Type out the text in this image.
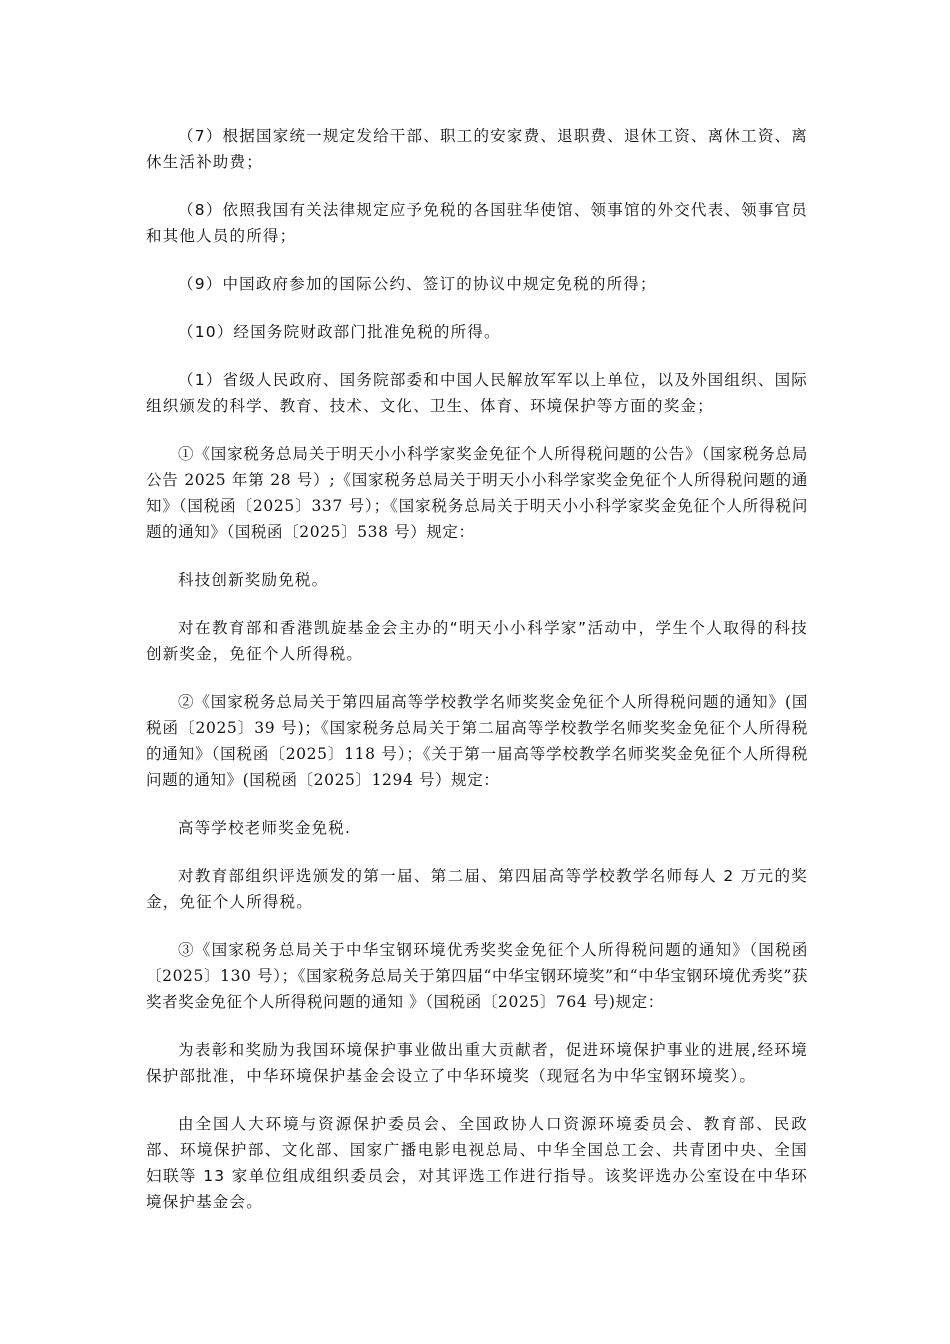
（7）根据国家统一规定发给干部、职工的安家费、退职费、退休工资、离休工资、离休生活补助费；

（8）依照我国有关法律规定应予免税的各国驻华使馆、领事馆的外交代表、领事官员和其他人员的所得；

（9）中国政府参加的国际公约、签订的协议中规定免税的所得；

（10）经国务院财政部门批准免税的所得。

（1）省级人民政府、国务院部委和中国人民解放军军以上单位，以及外国组织、国际组织颁发的科学、教育、技术、文化、卫生、体育、环境保护等方面的奖金；

①《国家税务总局关于明天小小科学家奖金免征个人所得税问题的公告》（国家税务总局公告 2025 年第 28 号）;《国家税务总局关于明天小小科学家奖金免征个人所得税问题的通知》（国税函〔2025〕337 号）；《国家税务总局关于明天小小科学家奖金免征个人所得税问题的通知》（国税函〔2025〕538 号）规定：

科技创新奖励免税。

对在教育部和香港凯旋基金会主办的“明天小小科学家”活动中，学生个人取得的科技创新奖金，免征个人所得税。

②《国家税务总局关于第四届高等学校教学名师奖奖金免征个人所得税问题的通知》(国税函〔2025〕39 号)；《国家税务总局关于第二届高等学校教学名师奖奖金免征个人所得税的通知》（国税函〔2025〕118 号）；《关于第一届高等学校教学名师奖奖金免征个人所得税问题的通知》(国税函〔2025〕1294 号）规定：

高等学校老师奖金免税.

对教育部组织评选颁发的第一届、第二届、第四届高等学校教学名师每人 2 万元的奖金，免征个人所得税。

③《国家税务总局关于中华宝钢环境优秀奖奖金免征个人所得税问题的通知》（国税函〔2025〕130 号）；《国家税务总局关于第四届“中华宝钢环境奖”和“中华宝钢环境优秀奖”获奖者奖金免征个人所得税问题的通知 》（国税函〔2025〕764 号)规定：

为表彰和奖励为我国环境保护事业做出重大贡献者，促进环境保护事业的进展,经环境保护部批准，中华环境保护基金会设立了中华环境奖（现冠名为中华宝钢环境奖）。

由全国人大环境与资源保护委员会、全国政协人口资源环境委员会、教育部、民政部、环境保护部、文化部、国家广播电影电视总局、中华全国总工会、共青团中央、全国妇联等 13 家单位组成组织委员会，对其评选工作进行指导。该奖评选办公室设在中华环境保护基金会。
